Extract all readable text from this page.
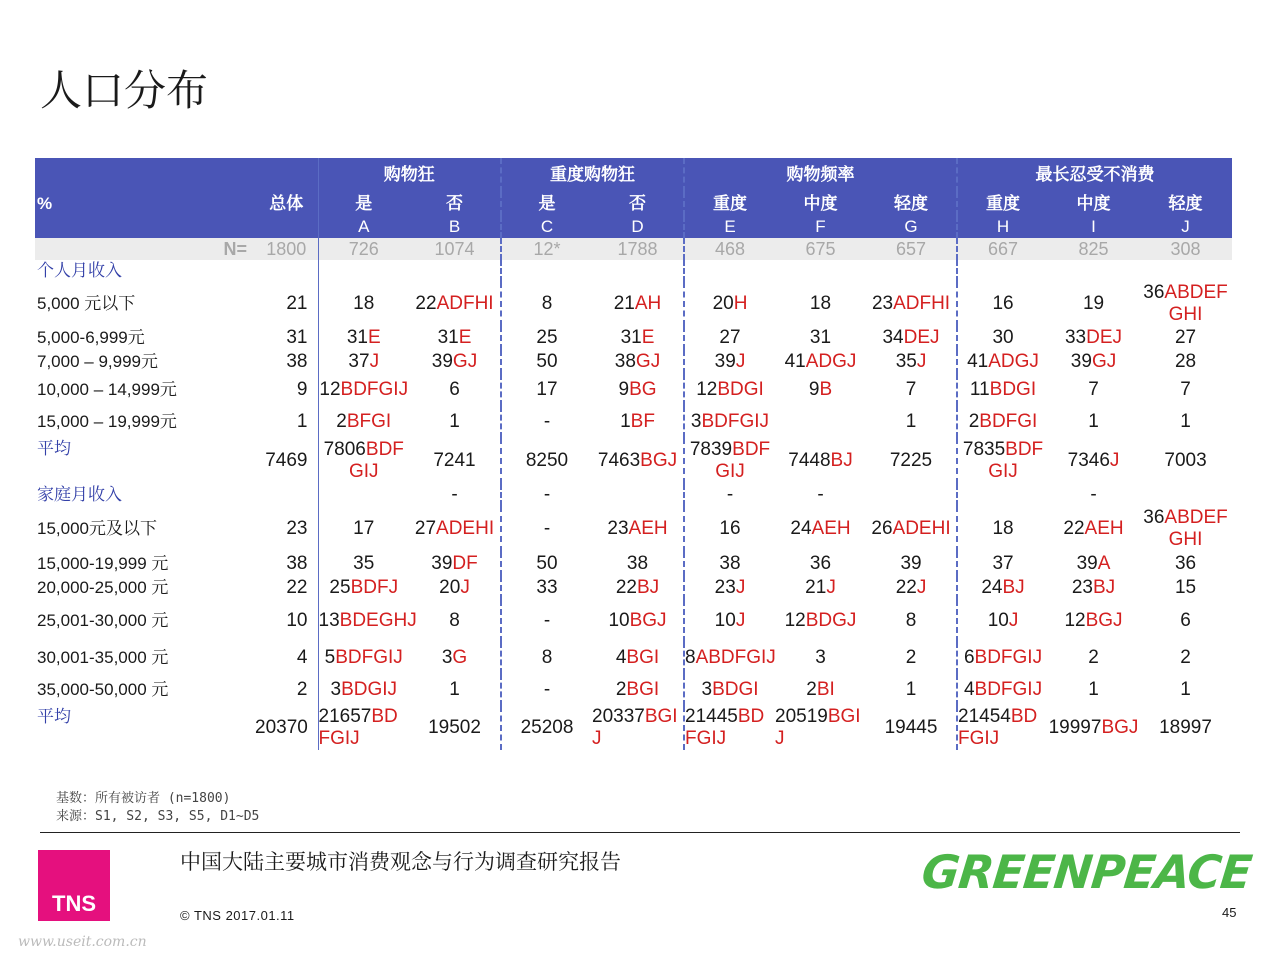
人口分布
		购物狂		重度购物狂		购物频率			最长忍受不消费		
%	总体	是	否	是	否	重度	中度	轻度	重度	中度	轻度
		A	B	C	D	E	F	G	H	I	J
N=	1800	726	1074	12*	1788	468	675	657	667	825	308
个人月收入											
5,000 元以下	21	18	22ADFHI	8	21AH	20H	18	23ADFHI	16	19	36ABDEFGHI
5,000-6,999元	31	31E	31E	25	31E	27	31	34DEJ	30	33DEJ	27
7,000 – 9,999元	38	37J	39GJ	50	38GJ	39J	41ADGJ	35J	41ADGJ	39GJ	28
10,000 – 14,999元	9	12BDFGIJ	6	17	9BG	12BDGI	9B	7	11BDGI	7	7
15,000 – 19,999元	1	2BFGI	1	-	1BF	3BDFGIJ		1	2BDFGI	1	1
平均	7469	7806BDFGIJ	7241	8250	7463BGJ	7839BDFGIJ	7448BJ	7225	7835BDFGIJ	7346J	7003
家庭月收入			-	-		-	-			-	
15,000元及以下	23	17	27ADEHI	-	23AEH	16	24AEH	26ADEHI	18	22AEH	36ABDEFGHI
15,000-19,999 元	38	35	39DF	50	38	38	36	39	37	39A	36
20,000-25,000 元	22	25BDFJ	20J	33	22BJ	23J	21J	22J	24BJ	23BJ	15
25,001-30,000 元	10	13BDEGHJ	8	-	10BGJ	10J	12BDGJ	8	10J	12BGJ	6
30,001-35,000 元	4	5BDFGIJ	3G	8	4BGI	8ABDFGIJ	3	2	6BDFGIJ	2	2
35,000-50,000 元	2	3BDGIJ	1	-	2BGI	3BDGI	2BI	1	4BDFGIJ	1	1
平均	20370	21657BDFGIJ	19502	25208	20337BGIJ	21445BDFGIJ	20519BGIJ	19445	21454BDFGIJ	19997BGJ	18997
基数：所有被访者 (n=1800)
来源：S1, S2, S3, S5, D1~D5
TNS
中国大陆主要城市消费观念与行为调查研究报告
© TNS 2017.01.11
GREENPEACE
45
www.useit.com.cn
